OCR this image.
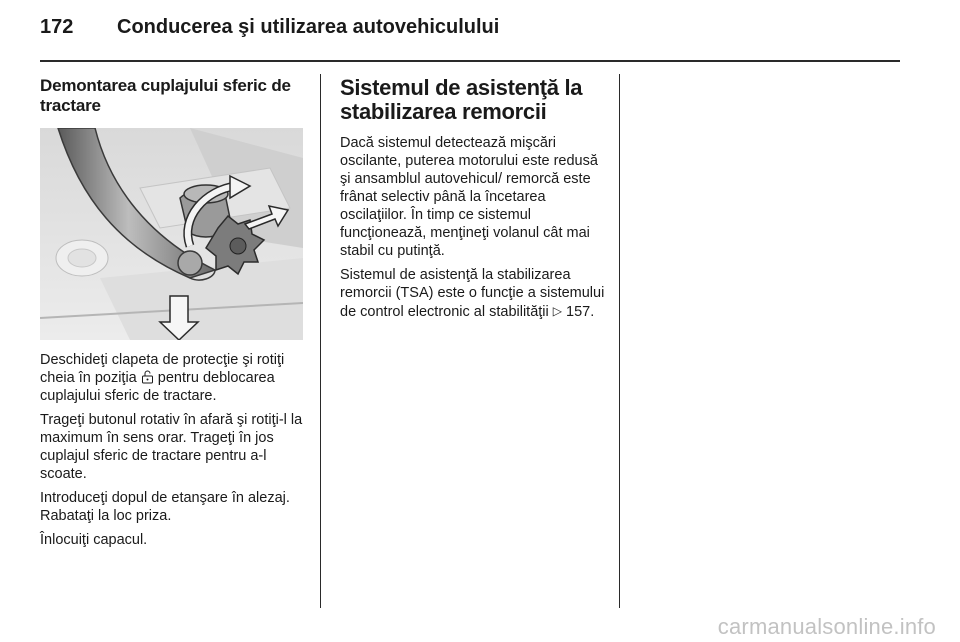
172 Conducerea şi utilizarea autovehiculului
Demontarea cuplajului sferic de tractare

Deschideţi clapeta de protecţie şi rotiţi cheia în poziţia pentru deblocarea cuplajului sferic de tractare.

Trageţi butonul rotativ în afară şi rotiţi-l la maximum în sens orar. Trageţi în jos cuplajul sferic de tractare pentru a-l scoate.

Introduceţi dopul de etanşare în alezaj. Rabataţi la loc priza.

Înlocuiţi capacul.

Sistemul de asistenţă la stabilizarea remorcii

Dacă sistemul detectează mişcări oscilante, puterea motorului este redusă şi ansamblul autovehicul/ remorcă este frânat selectiv până la încetarea oscilaţiilor. În timp ce sistemul funcţionează, menţineţi volanul cât mai stabil cu putinţă.

Sistemul de asistenţă la stabilizarea remorcii (TSA) este o funcţie a sistemului de control electronic al stabilităţii ▷ 157.

carmanualsonline.info
